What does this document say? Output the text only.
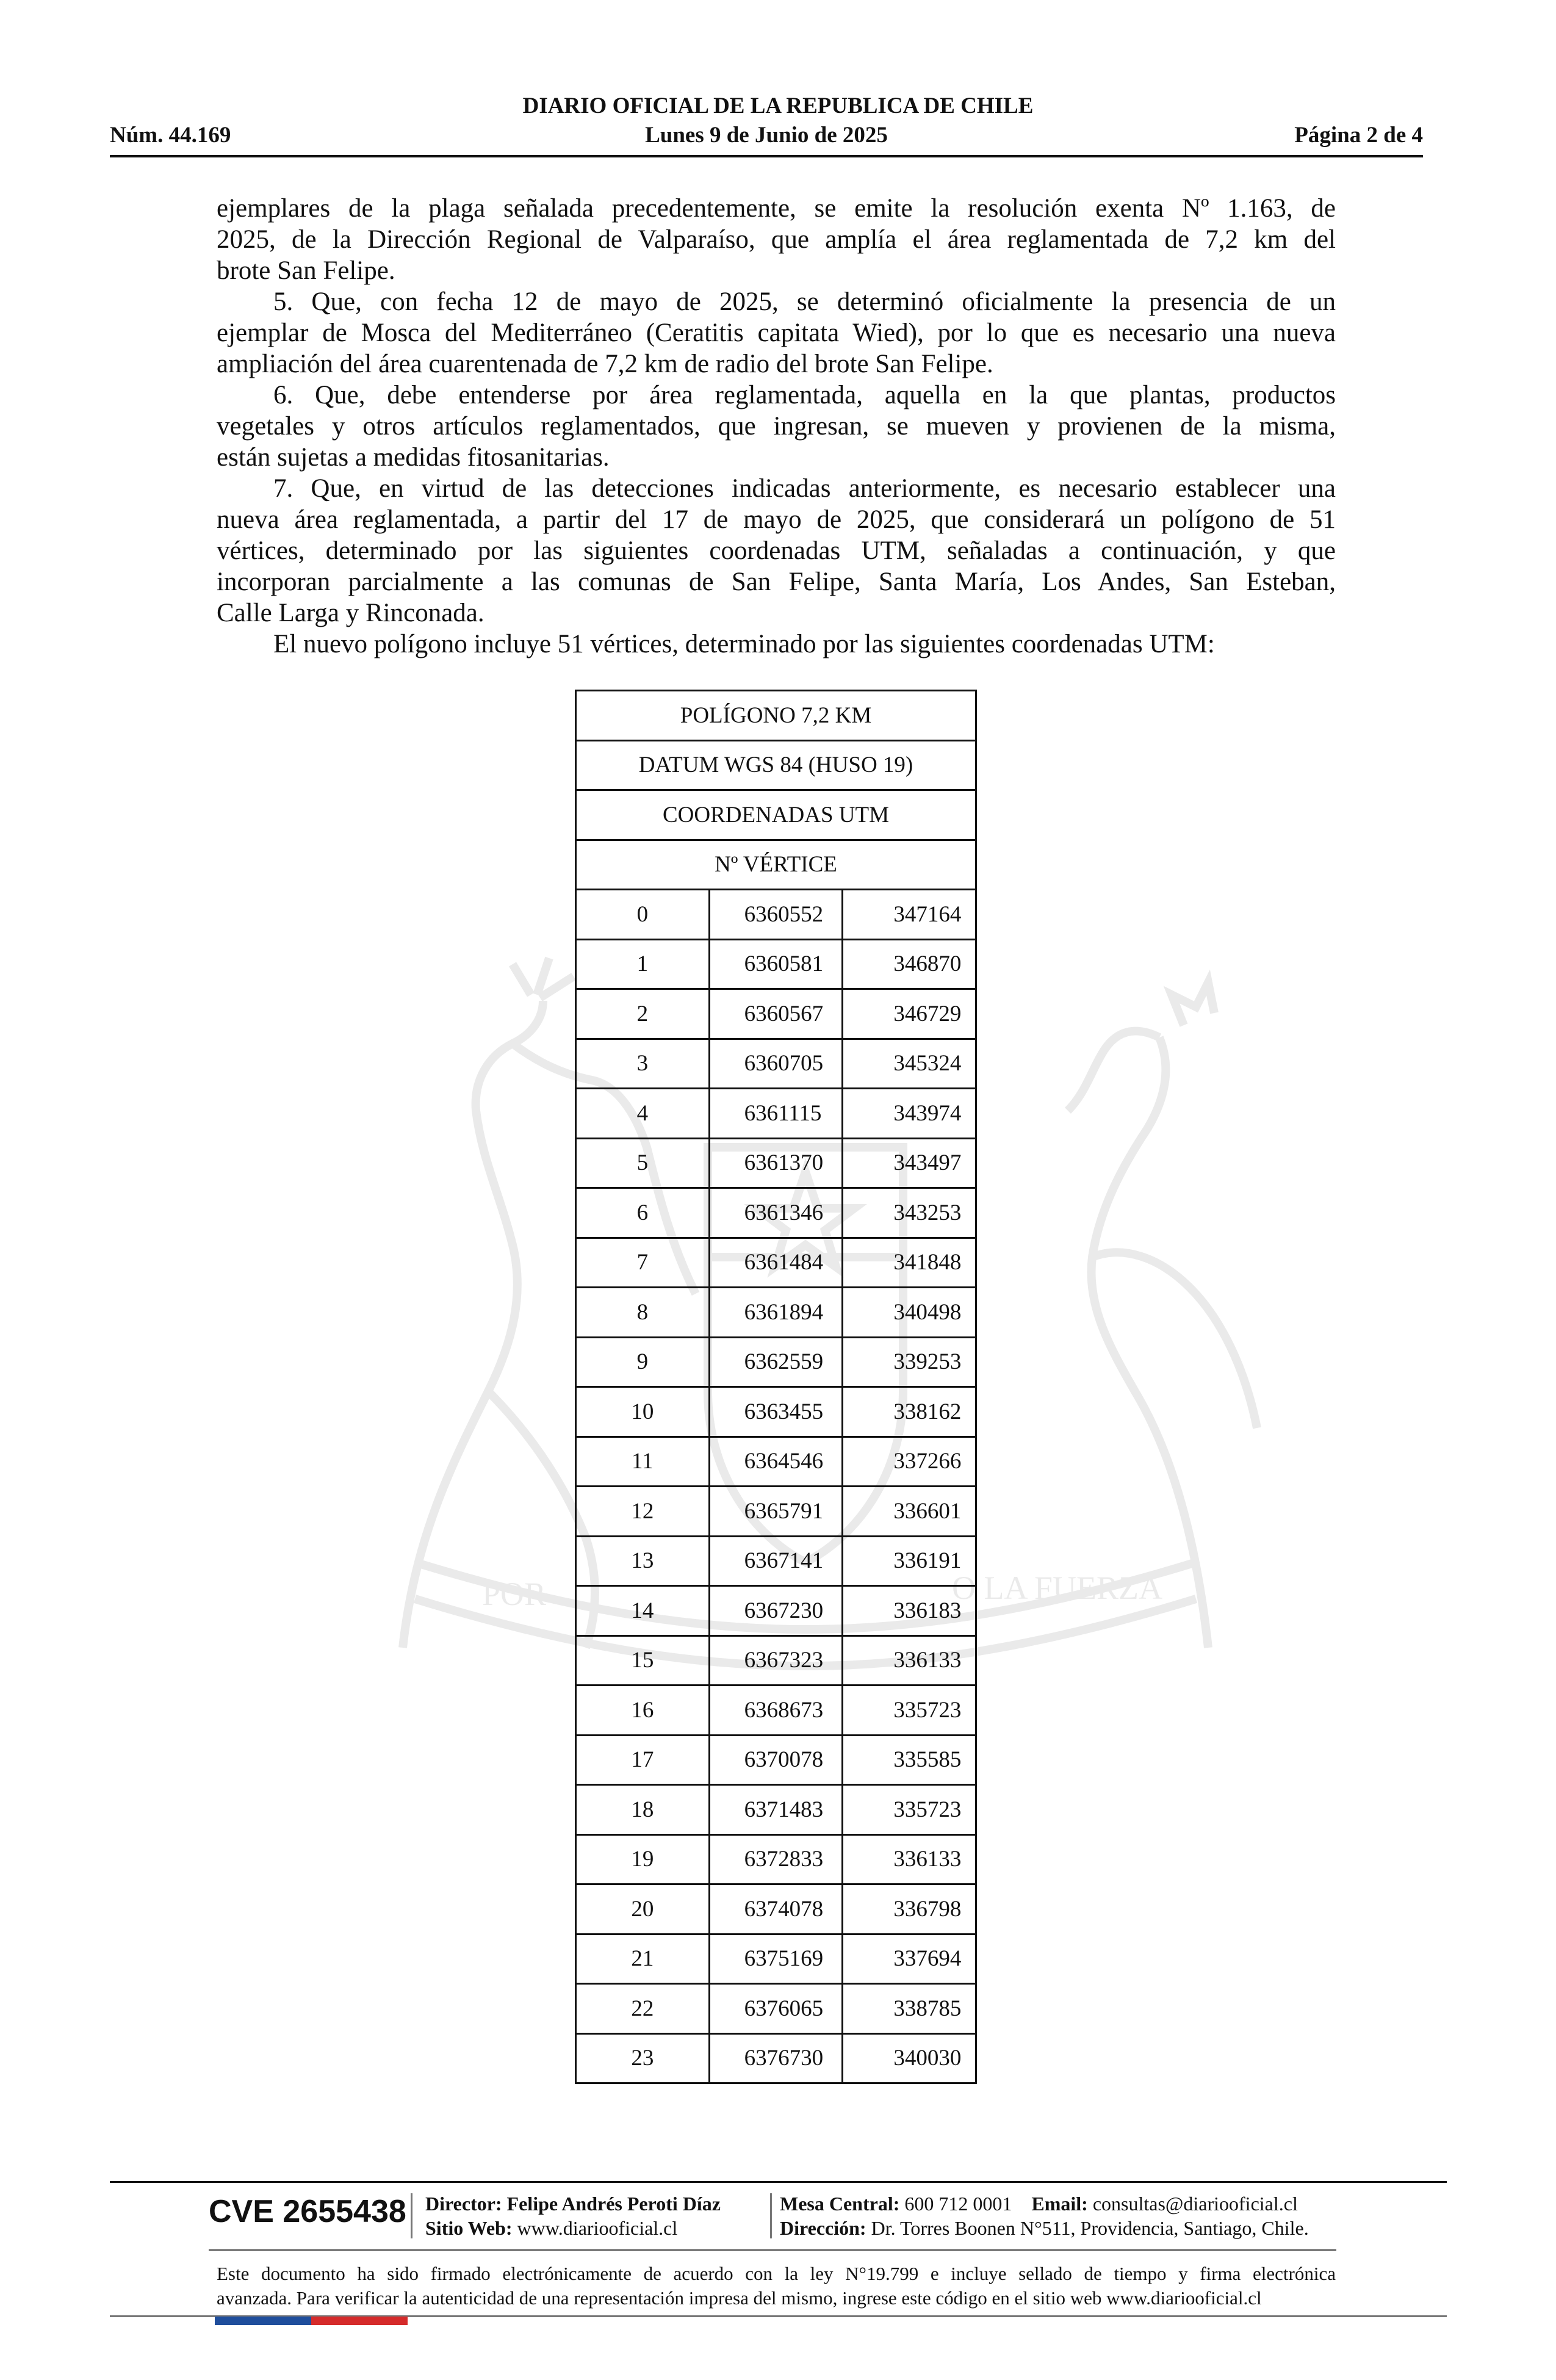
POR	O LA FUERZA
DIARIO OFICIAL DE LA REPUBLICA DE CHILE
Núm. 44.169	Lunes 9 de Junio de 2025	Página 2 de 4

ejemplares de la plaga señalada precedentemente, se emite la resolución exenta Nº 1.163, de
2025, de la Dirección Regional de Valparaíso, que amplía el área reglamentada de 7,2 km del
brote San Felipe.

5. Que, con fecha 12 de mayo de 2025, se determinó oficialmente la presencia de un
ejemplar de Mosca del Mediterráneo (Ceratitis capitata Wied), por lo que es necesario una nueva
ampliación del área cuarentenada de 7,2 km de radio del brote San Felipe.

6. Que, debe entenderse por área reglamentada, aquella en la que plantas, productos
vegetales y otros artículos reglamentados, que ingresan, se mueven y provienen de la misma,
están sujetas a medidas fitosanitarias.

7. Que, en virtud de las detecciones indicadas anteriormente, es necesario establecer una
nueva área reglamentada, a partir del 17 de mayo de 2025, que considerará un polígono de 51
vértices, determinado por las siguientes coordenadas UTM, señaladas a continuación, y que
incorporan parcialmente a las comunas de San Felipe, Santa María, Los Andes, San Esteban,
Calle Larga y Rinconada.

El nuevo polígono incluye 51 vértices, determinado por las siguientes coordenadas UTM:

POLÍGONO 7,2 KM		
DATUM WGS 84 (HUSO 19)		
COORDENADAS UTM		
Nº VÉRTICE		
0	6360552	347164
1	6360581	346870
2	6360567	346729
3	6360705	345324
4	6361115	343974
5	6361370	343497
6	6361346	343253
7	6361484	341848
8	6361894	340498
9	6362559	339253
10	6363455	338162
11	6364546	337266
12	6365791	336601
13	6367141	336191
14	6367230	336183
15	6367323	336133
16	6368673	335723
17	6370078	335585
18	6371483	335723
19	6372833	336133
20	6374078	336798
21	6375169	337694
22	6376065	338785
23	6376730	340030
CVE 2655438 Director: Felipe Andrés Peroti Díaz
Sitio Web: www.diariooficial.cl
Mesa Central: 600 712 0001 Email: consultas@diariooficial.cl
Dirección: Dr. Torres Boonen N°511, Providencia, Santiago, Chile.
Este documento ha sido firmado electrónicamente de acuerdo con la ley N°19.799 e incluye sellado de tiempo y firma electrónica
avanzada. Para verificar la autenticidad de una representación impresa del mismo, ingrese este código en el sitio web www.diariooficial.cl
